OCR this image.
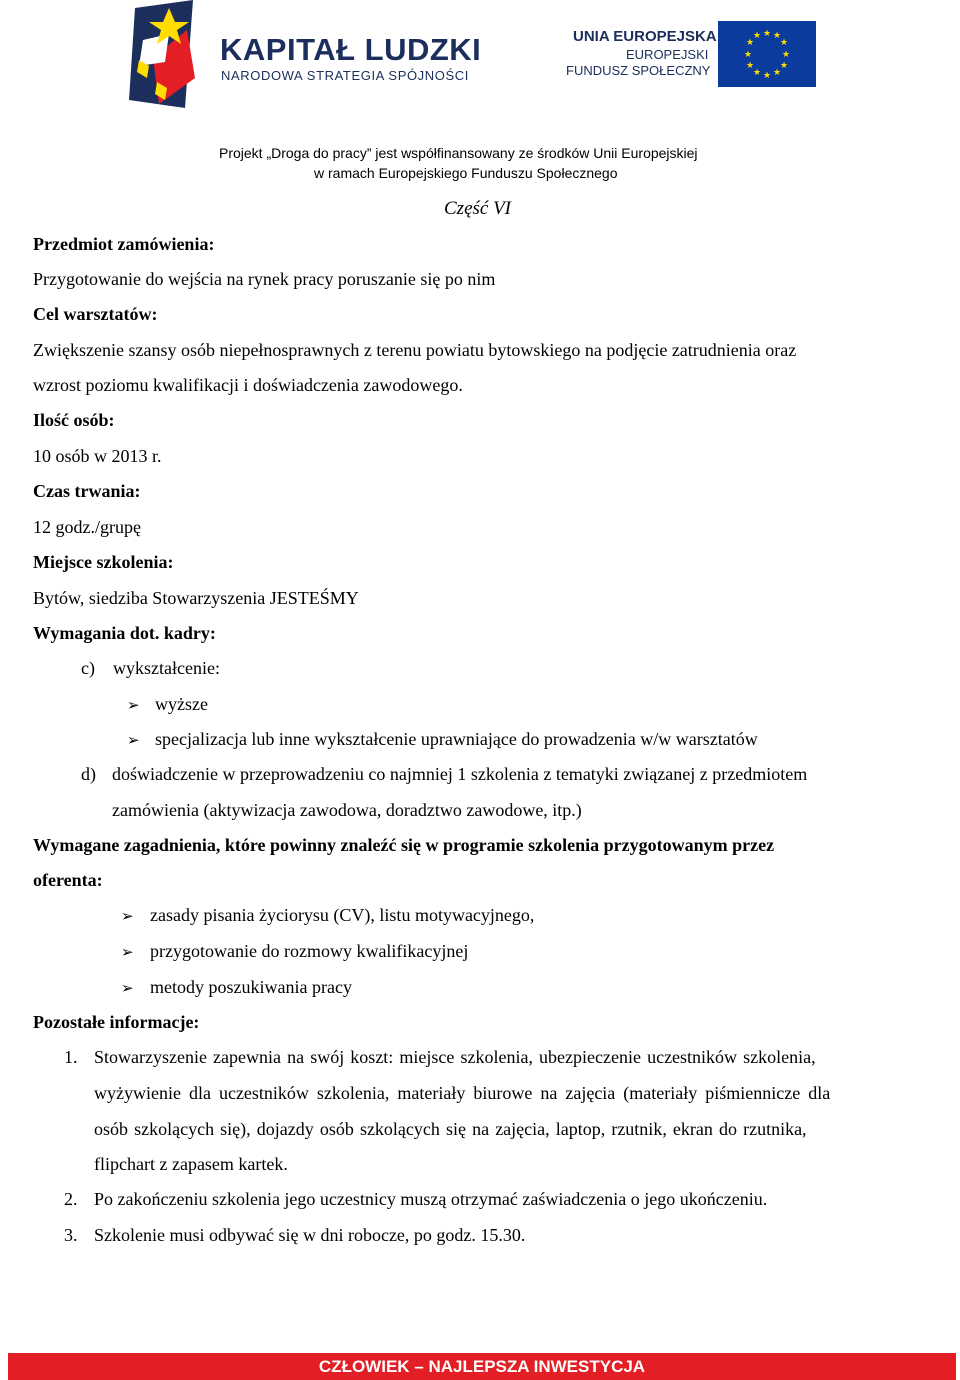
KAPITAŁ LUDZKI
NARODOWA STRATEGIA SPÓJNOŚCI
UNIA EUROPEJSKA
EUROPEJSKI
FUNDUSZ SPOŁECZNY
★ ★
★
★
★
★
★
★
★
★
★
★
Projekt „Droga do pracy” jest współfinansowany ze środków Unii Europejskiej
w ramach Europejskiego Funduszu Społecznego
Część VI
Przedmiot zamówienia:
Przygotowanie do wejścia na rynek pracy poruszanie się po nim
Cel warsztatów:
Zwiększenie szansy osób niepełnosprawnych z terenu powiatu bytowskiego na podjęcie zatrudnienia oraz
wzrost poziomu kwalifikacji i doświadczenia zawodowego.
Ilość osób:
10 osób w 2013 r.
Czas trwania:
12 godz./grupę
Miejsce szkolenia:
Bytów, siedziba Stowarzyszenia JESTEŚMY
Wymagania dot. kadry:
c) wykształcenie:
➢ wyższe
➢ specjalizacja lub inne wykształcenie uprawniające do prowadzenia w/w warsztatów
d) doświadczenie w przeprowadzeniu co najmniej 1 szkolenia z tematyki związanej z przedmiotem
zamówienia (aktywizacja zawodowa, doradztwo zawodowe, itp.)
Wymagane zagadnienia, które powinny znaleźć się w programie szkolenia przygotowanym przez
oferenta:
➢ zasady pisania życiorysu (CV), listu motywacyjnego,
➢ przygotowanie do rozmowy kwalifikacyjnej
➢ metody poszukiwania pracy
Pozostałe informacje:
1. Stowarzyszenie zapewnia na swój koszt: miejsce szkolenia, ubezpieczenie uczestników szkolenia,
wyżywienie dla uczestników szkolenia, materiały biurowe na zajęcia (materiały piśmiennicze dla
osób szkolących się), dojazdy osób szkolących się na zajęcia, laptop, rzutnik, ekran do rzutnika,
flipchart z zapasem kartek.
2. Po zakończeniu szkolenia jego uczestnicy muszą otrzymać zaświadczenia o jego ukończeniu.
3. Szkolenie musi odbywać się w dni robocze, po godz. 15.30.
CZŁOWIEK – NAJLEPSZA INWESTYCJA
